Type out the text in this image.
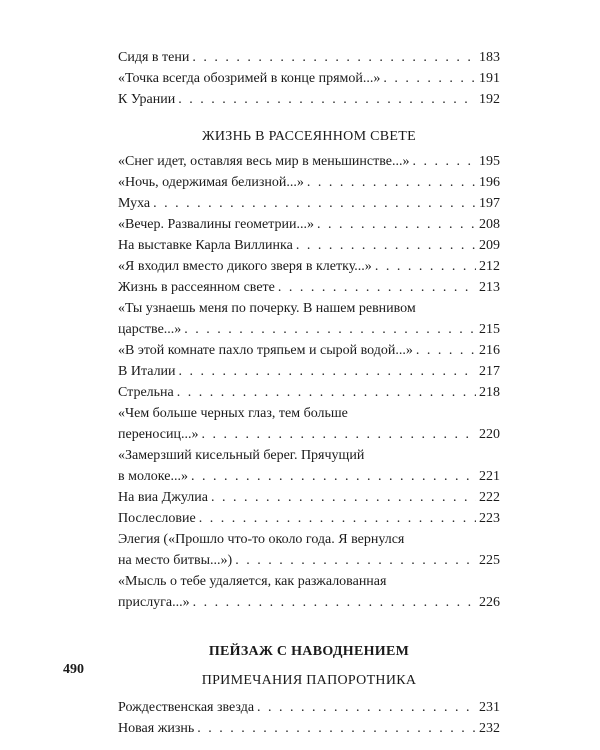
Сидя в тени . . .	183
«Точка всегда обозримей в конце прямой...» . . .	191
К Урании . . .	192

ЖИЗНЬ В РАССЕЯННОМ СВЕТЕ

«Снег идет, оставляя весь мир в меньшинстве...» . . .	195
«Ночь, одержимая белизной...» . . .	196
Муха . . .	197
«Вечер. Развалины геометрии...» . . .	208
На выставке Карла Виллинка . . .	209
«Я входил вместо дикого зверя в клетку...» . . .	212
Жизнь в рассеянном свете . . .	213
«Ты узнаешь меня по почерку. В нашем ревнивом
царстве...» . . .	215
«В этой комнате пахло тряпьем и сырой водой...» . . .	216
В Италии . . .	217
Стрельна . . .	218
«Чем больше черных глаз, тем больше
переносиц...» . . .	220
«Замерзший кисельный берег. Прячущий
в молоке...» . . .	221
На виа Джулиа . . .	222
Послесловие . . .	223
Элегия («Прошло что-то около года. Я вернулся
на место битвы...») . . .	225
«Мысль о тебе удаляется, как разжалованная
прислуга...» . . .	226

ПЕЙЗАЖ С НАВОДНЕНИЕМ

ПРИМЕЧАНИЯ ПАПОРОТНИКА

Рождественская звезда . . .	231
Новая жизнь . . .	232
490
